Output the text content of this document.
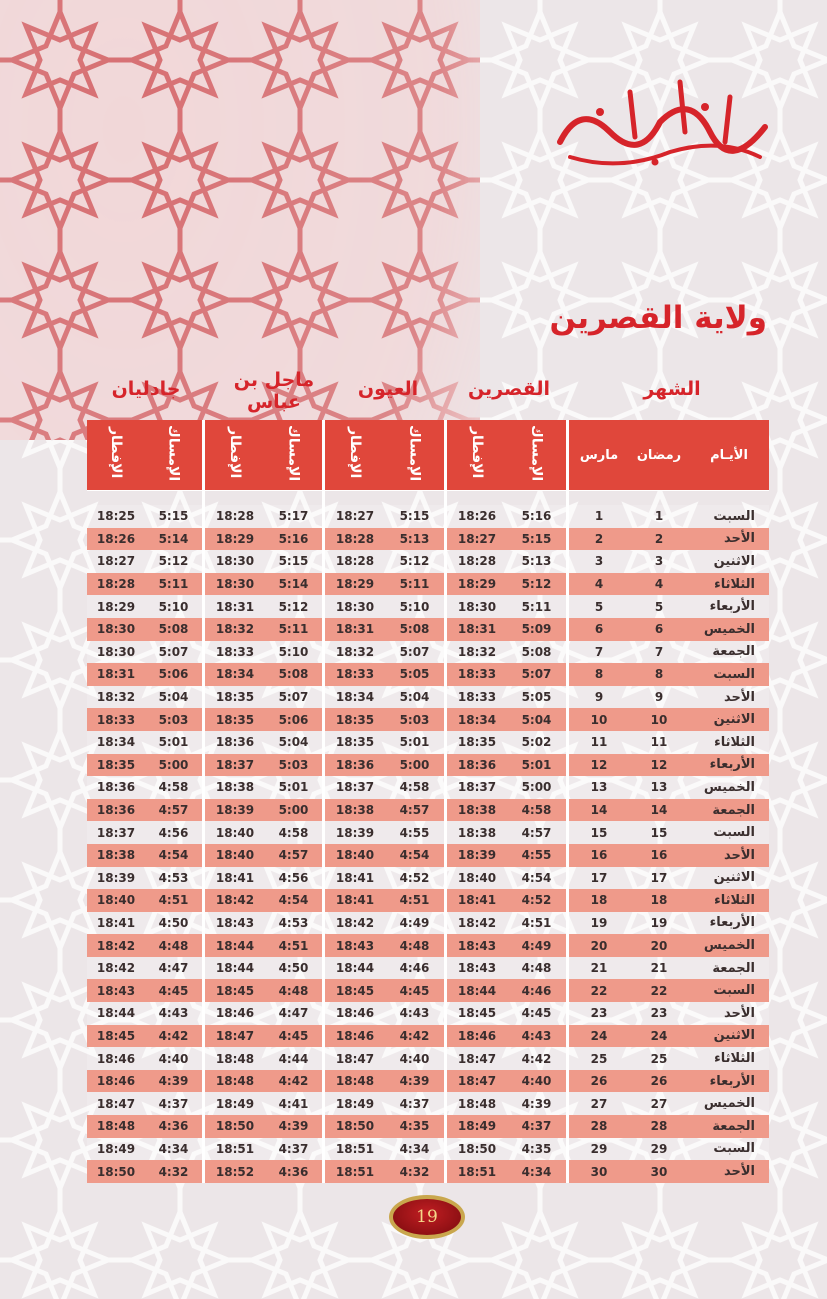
ولاية القصرين
الشهر
القصرين
العيون
ماجل بن عباس
جادليان
الإفطار	الإمساك	الإفطار	الإمساك	الإفطار	الإمساك	الإفطار	الإمساك	مارس	رمضان	الأيـام

18:25	5:15	18:28	5:17	18:27	5:15	18:26	5:16	1	1	السبت
18:26	5:14	18:29	5:16	18:28	5:13	18:27	5:15	2	2	الأحد
18:27	5:12	18:30	5:15	18:28	5:12	18:28	5:13	3	3	الاثنين
18:28	5:11	18:30	5:14	18:29	5:11	18:29	5:12	4	4	الثلاثاء
18:29	5:10	18:31	5:12	18:30	5:10	18:30	5:11	5	5	الأربعاء
18:30	5:08	18:32	5:11	18:31	5:08	18:31	5:09	6	6	الخميس
18:30	5:07	18:33	5:10	18:32	5:07	18:32	5:08	7	7	الجمعة
18:31	5:06	18:34	5:08	18:33	5:05	18:33	5:07	8	8	السبت
18:32	5:04	18:35	5:07	18:34	5:04	18:33	5:05	9	9	الأحد
18:33	5:03	18:35	5:06	18:35	5:03	18:34	5:04	10	10	الاثنين
18:34	5:01	18:36	5:04	18:35	5:01	18:35	5:02	11	11	الثلاثاء
18:35	5:00	18:37	5:03	18:36	5:00	18:36	5:01	12	12	الأربعاء
18:36	4:58	18:38	5:01	18:37	4:58	18:37	5:00	13	13	الخميس
18:36	4:57	18:39	5:00	18:38	4:57	18:38	4:58	14	14	الجمعة
18:37	4:56	18:40	4:58	18:39	4:55	18:38	4:57	15	15	السبت
18:38	4:54	18:40	4:57	18:40	4:54	18:39	4:55	16	16	الأحد
18:39	4:53	18:41	4:56	18:41	4:52	18:40	4:54	17	17	الاثنين
18:40	4:51	18:42	4:54	18:41	4:51	18:41	4:52	18	18	الثلاثاء
18:41	4:50	18:43	4:53	18:42	4:49	18:42	4:51	19	19	الأربعاء
18:42	4:48	18:44	4:51	18:43	4:48	18:43	4:49	20	20	الخميس
18:42	4:47	18:44	4:50	18:44	4:46	18:43	4:48	21	21	الجمعة
18:43	4:45	18:45	4:48	18:45	4:45	18:44	4:46	22	22	السبت
18:44	4:43	18:46	4:47	18:46	4:43	18:45	4:45	23	23	الأحد
18:45	4:42	18:47	4:45	18:46	4:42	18:46	4:43	24	24	الاثنين
18:46	4:40	18:48	4:44	18:47	4:40	18:47	4:42	25	25	الثلاثاء
18:46	4:39	18:48	4:42	18:48	4:39	18:47	4:40	26	26	الأربعاء
18:47	4:37	18:49	4:41	18:49	4:37	18:48	4:39	27	27	الخميس
18:48	4:36	18:50	4:39	18:50	4:35	18:49	4:37	28	28	الجمعة
18:49	4:34	18:51	4:37	18:51	4:34	18:50	4:35	29	29	السبت
18:50	4:32	18:52	4:36	18:51	4:32	18:51	4:34	30	30	الأحد
19
